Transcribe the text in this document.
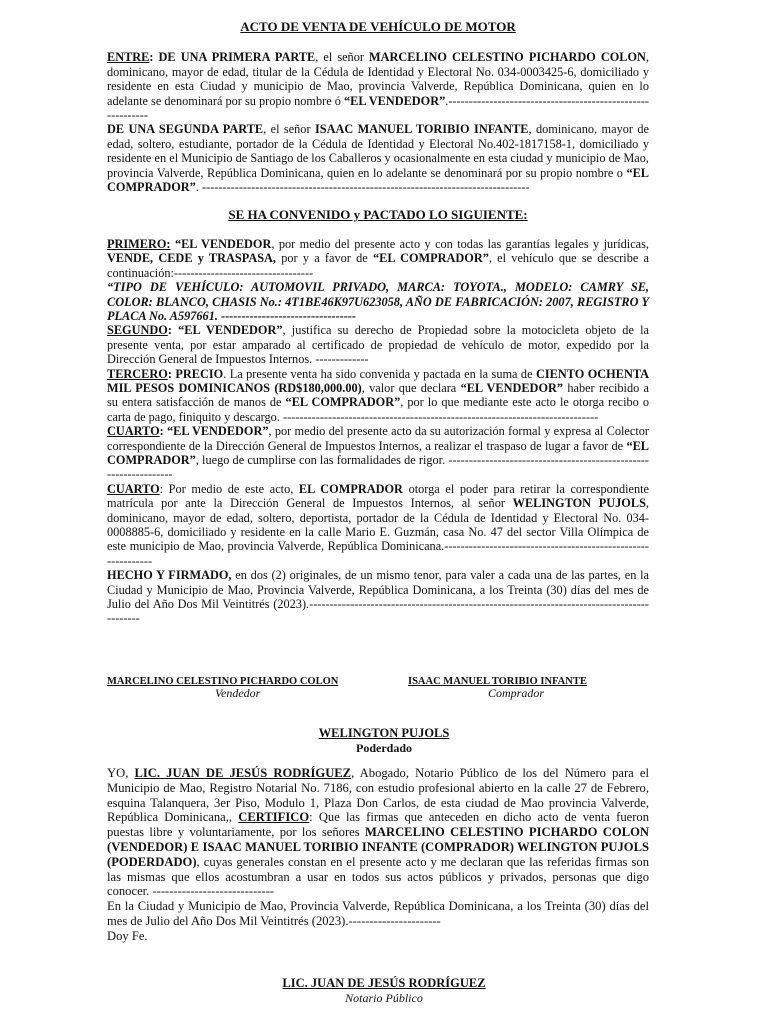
ACTO DE VENTA DE VEHÍCULO DE MOTOR

ENTRE: DE UNA PRIMERA PARTE, el señor MARCELINO CELESTINO PICHARDO COLON, dominicano, mayor de edad, titular de la Cédula de Identidad y Electoral No. 034-0003425-6, domiciliado y residente en esta Ciudad y municipio de Mao, provincia Valverde, República Dominicana, quien en lo adelante se denominará por su propio nombre ó “EL VENDEDOR”.-----------------------------------------------------------

DE UNA SEGUNDA PARTE, el señor ISAAC MANUEL TORIBIO INFANTE, dominicano, mayor de edad, soltero, estudiante, portador de la Cédula de Identidad y Electoral No.402-1817158-1, domiciliado y residente en el Municipio de Santiago de los Caballeros y ocasionalmente en esta ciudad y municipio de Mao, provincia Valverde, República Dominicana, quien en lo adelante se denominará por su propio nombre o “EL COMPRADOR”. --------------------------------------------------------------------------------

SE HA CONVENIDO y PACTADO LO SIGUIENTE:

PRIMERO: “EL VENDEDOR, por medio del presente acto y con todas las garantías legales y jurídicas, VENDE, CEDE y TRASPASA, por y a favor de “EL COMPRADOR”, el vehículo que se describe a continuación:----------------------------------
“TIPO DE VEHÍCULO: AUTOMOVIL PRIVADO, MARCA: TOYOTA., MODELO: CAMRY SE, COLOR: BLANCO, CHASIS No.: 4T1BE46K97U623058, AÑO DE FABRICACIÓN: 2007, REGISTRO Y PLACA No. A597661. ---------------------------------

SEGUNDO: “EL VENDEDOR”, justifica su derecho de Propiedad sobre la motocicleta objeto de la presente venta, por estar amparado al certificado de propiedad de vehículo de motor, expedido por la Dirección General de Impuestos Internos. -------------

TERCERO: PRECIO. La presente venta ha sido convenida y pactada en la suma de CIENTO OCHENTA MIL PESOS DOMINICANOS (RD$180,000.00), valor que declara “EL VENDEDOR” haber recibido a su entera satisfacción de manos de “EL COMPRADOR”, por lo que mediante este acto le otorga recibo o carta de pago, finiquito y descargo. -----------------------------------------------------------------------------

CUARTO: “EL VENDEDOR”, por medio del presente acto da su autorización formal y expresa al Colector correspondiente de la Dirección General de Impuestos Internos, a realizar el traspaso de lugar a favor de “EL COMPRADOR”, luego de cumplirse con las formalidades de rigor. -----------------------------------------------------------------

CUARTO: Por medio de este acto, EL COMPRADOR otorga el poder para retirar la correspondiente matrícula por ante la Dirección General de Impuestos Internos, al señor WELINGTON PUJOLS, dominicano, mayor de edad, soltero, deportista, portador de la Cédula de Identidad y Electoral No. 034-0008885-6, domiciliado y residente en la calle Mario E. Guzmán, casa No. 47 del sector Villa Olímpica de este municipio de Mao, provincia Valverde, República Dominicana.-------------------------------------------------------------

HECHO Y FIRMADO, en dos (2) originales, de un mismo tenor, para valer a cada una de las partes, en la Ciudad y Municipio de Mao, Provincia Valverde, República Dominicana, a los Treinta (30) días del mes de Julio del Año Dos Mil Veintitrés (2023).-------------------------------------------------------------------------------------------

MARCELINO CELESTINO PICHARDO COLON
Vendedor
ISAAC MANUEL TORIBIO INFANTE
Comprador
WELINGTON PUJOLS
Poderdado

YO, LIC. JUAN DE JESÚS RODRÍGUEZ, Abogado, Notario Público de los del Número para el Municipio de Mao, Registro Notarial No. 7186, con estudio profesional abierto en la calle 27 de Febrero, esquina Talanquera, 3er Piso, Modulo 1, Plaza Don Carlos, de esta ciudad de Mao provincia Valverde, República Dominicana,, CERTIFICO: Que las firmas que anteceden en dicho acto de venta fueron puestas libre y voluntariamente, por los señores MARCELINO CELESTINO PICHARDO COLON (VENDEDOR) E ISAAC MANUEL TORIBIO INFANTE (COMPRADOR) WELINGTON PUJOLS (PODERDADO), cuyas generales constan en el presente acto y me declaran que las referidas firmas son las mismas que ellos acostumbran a usar en todos sus actos públicos y privados, personas que digo conocer. -----------------------------

En la Ciudad y Municipio de Mao, Provincia Valverde, República Dominicana, a los Treinta (30) días del mes de Julio del Año Dos Mil Veintitrés (2023).----------------------

Doy Fe.

LIC. JUAN DE JESÚS RODRÍGUEZ
Notario Público
